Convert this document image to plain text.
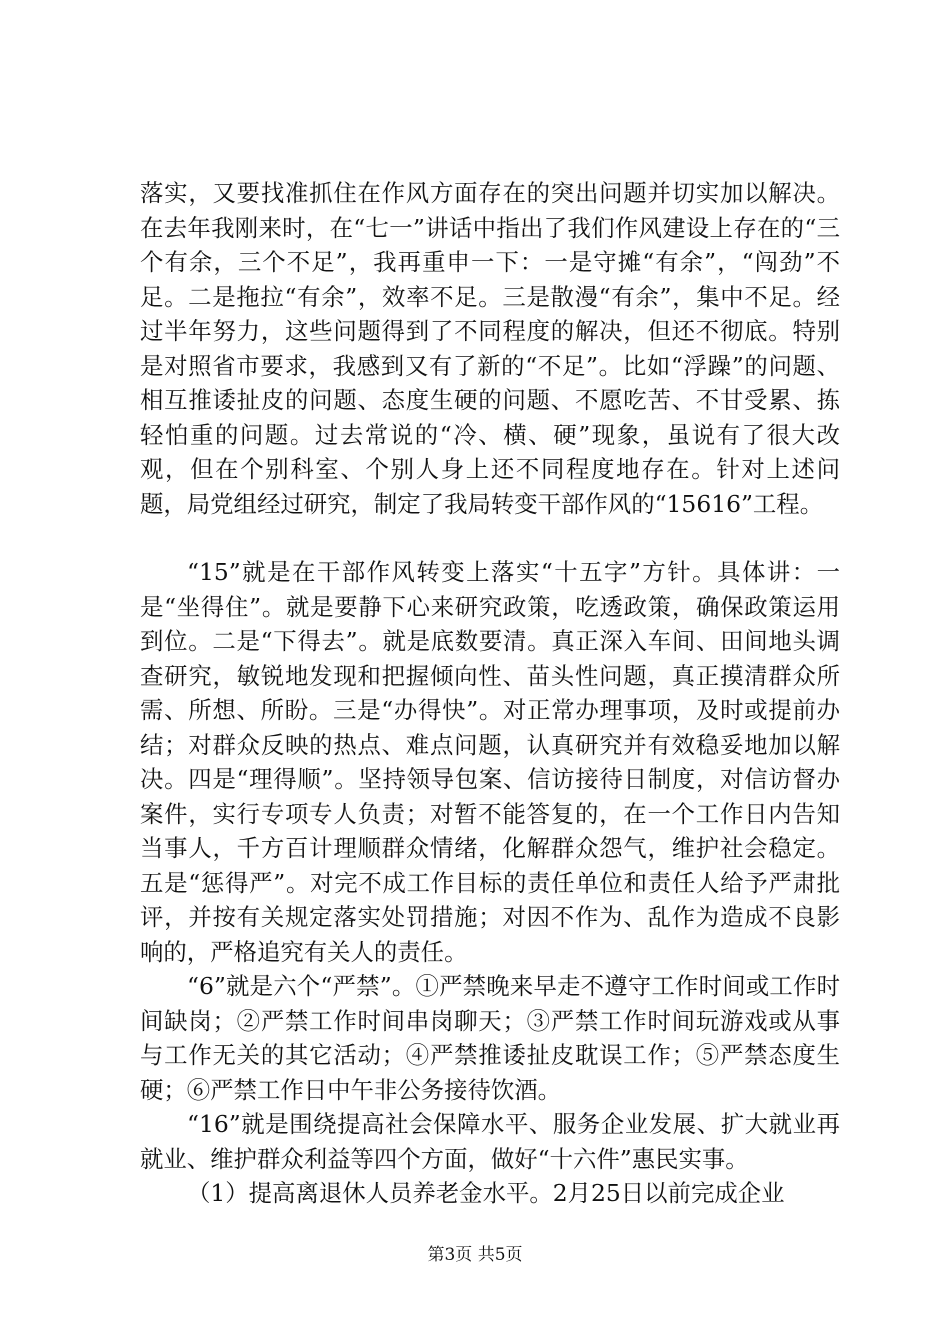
落实，又要找准抓住在作风方面存在的突出问题并切实加以解决。在去年我刚来时，在“七一”讲话中指出了我们作风建设上存在的“三个有余，三个不足”，我再重申一下：一是守摊“有余”，“闯劲”不足。二是拖拉“有余”，效率不足。三是散漫“有余”，集中不足。经过半年努力，这些问题得到了不同程度的解决，但还不彻底。特别是对照省市要求，我感到又有了新的“不足”。比如“浮躁”的问题、相互推诿扯皮的问题、态度生硬的问题、不愿吃苦、不甘受累、拣轻怕重的问题。过去常说的“冷、横、硬”现象，虽说有了很大改观，但在个别科室、个别人身上还不同程度地存在。针对上述问题，局党组经过研究，制定了我局转变干部作风的“15616”工程。

“15”就是在干部作风转变上落实“十五字”方针。具体讲：一是“坐得住”。就是要静下心来研究政策，吃透政策，确保政策运用到位。二是“下得去”。就是底数要清。真正深入车间、田间地头调查研究，敏锐地发现和把握倾向性、苗头性问题，真正摸清群众所需、所想、所盼。三是“办得快”。对正常办理事项，及时或提前办结；对群众反映的热点、难点问题，认真研究并有效稳妥地加以解决。四是“理得顺”。坚持领导包案、信访接待日制度，对信访督办案件，实行专项专人负责；对暂不能答复的，在一个工作日内告知当事人，千方百计理顺群众情绪，化解群众怨气，维护社会稳定。五是“惩得严”。对完不成工作目标的责任单位和责任人给予严肃批评，并按有关规定落实处罚措施；对因不作为、乱作为造成不良影响的，严格追究有关人的责任。

“6”就是六个“严禁”。①严禁晚来早走不遵守工作时间或工作时间缺岗；②严禁工作时间串岗聊天；③严禁工作时间玩游戏或从事与工作无关的其它活动；④严禁推诿扯皮耽误工作；⑤严禁态度生硬；⑥严禁工作日中午非公务接待饮酒。

“16”就是围绕提高社会保障水平、服务企业发展、扩大就业再就业、维护群众利益等四个方面，做好“十六件”惠民实事。

（1）提高离退休人员养老金水平。2月25日以前完成企业

第3页 共5页
